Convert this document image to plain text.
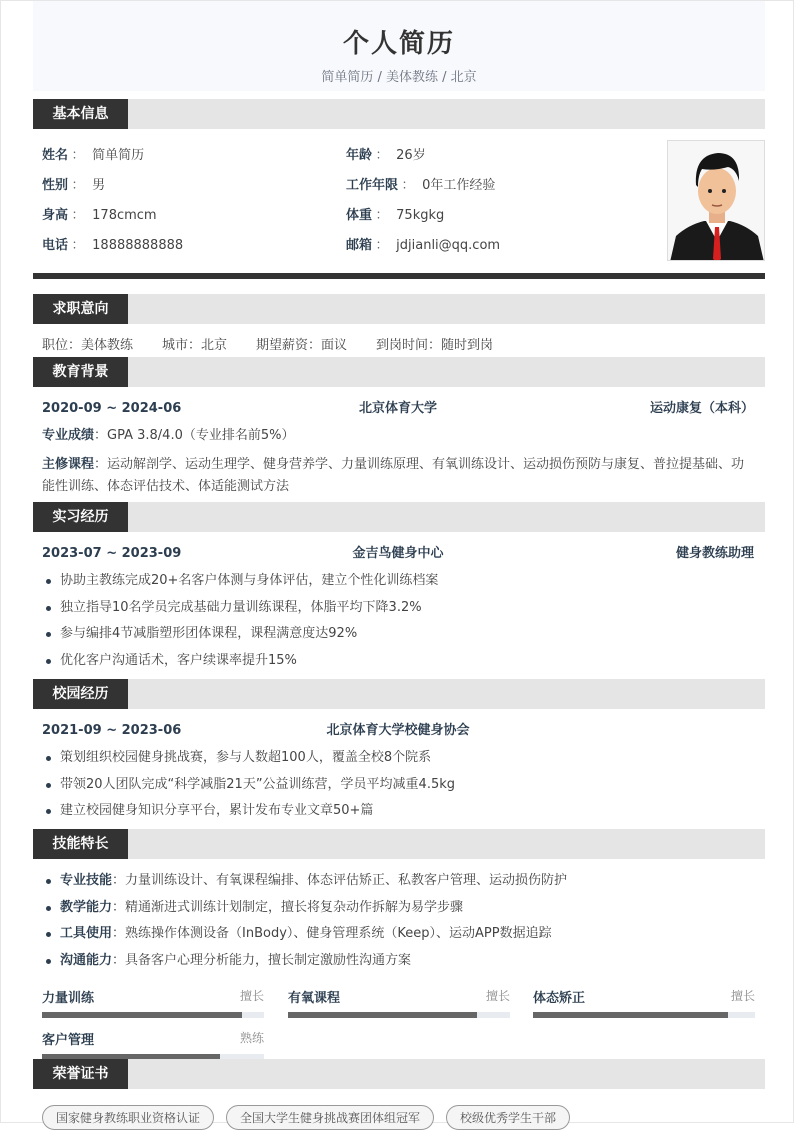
个人简历
简单简历 / 美体教练 / 北京
基本信息
姓名 ： 简单简历	年龄 ： 26岁
性别 ： 男	工作年限 ： 0年工作经验
身高 ： 178cmcm	体重 ： 75kgkg
电话 ： 18888888888	邮箱 ： jdjianli@qq.com
求职意向
职位：美体教练 城市：北京 期望薪资：面议 到岗时间：随时到岗
教育背景
2020-09 ~ 2024-06	北京体育大学	运动康复（本科）
专业成绩：GPA 3.8/4.0（专业排名前5%）
主修课程：运动解剖学、运动生理学、健身营养学、力量训练原理、有氧训练设计、运动损伤预防与康复、普拉提基础、功能性训练、体态评估技术、体适能测试方法
实习经历
2023-07 ~ 2023-09	金吉鸟健身中心	健身教练助理
协助主教练完成20+名客户体测与身体评估，建立个性化训练档案
独立指导10名学员完成基础力量训练课程，体脂平均下降3.2%
参与编排4节减脂塑形团体课程，课程满意度达92%
优化客户沟通话术，客户续课率提升15%
校园经历
2021-09 ~ 2023-06	北京体育大学校健身协会
策划组织校园健身挑战赛，参与人数超100人，覆盖全校8个院系
带领20人团队完成“科学减脂21天”公益训练营，学员平均减重4.5kg
建立校园健身知识分享平台，累计发布专业文章50+篇
技能特长
专业技能：力量训练设计、有氧课程编排、体态评估矫正、私教客户管理、运动损伤防护
教学能力：精通渐进式训练计划制定，擅长将复杂动作拆解为易学步骤
工具使用：熟练操作体测设备（InBody）、健身管理系统（Keep）、运动APP数据追踪
沟通能力：具备客户心理分析能力，擅长制定激励性沟通方案
力量训练	擅长 有氧课程	擅长 体态矫正	擅长
客户管理	熟练
荣誉证书
国家健身教练职业资格认证	全国大学生健身挑战赛团体组冠军	校级优秀学生干部
